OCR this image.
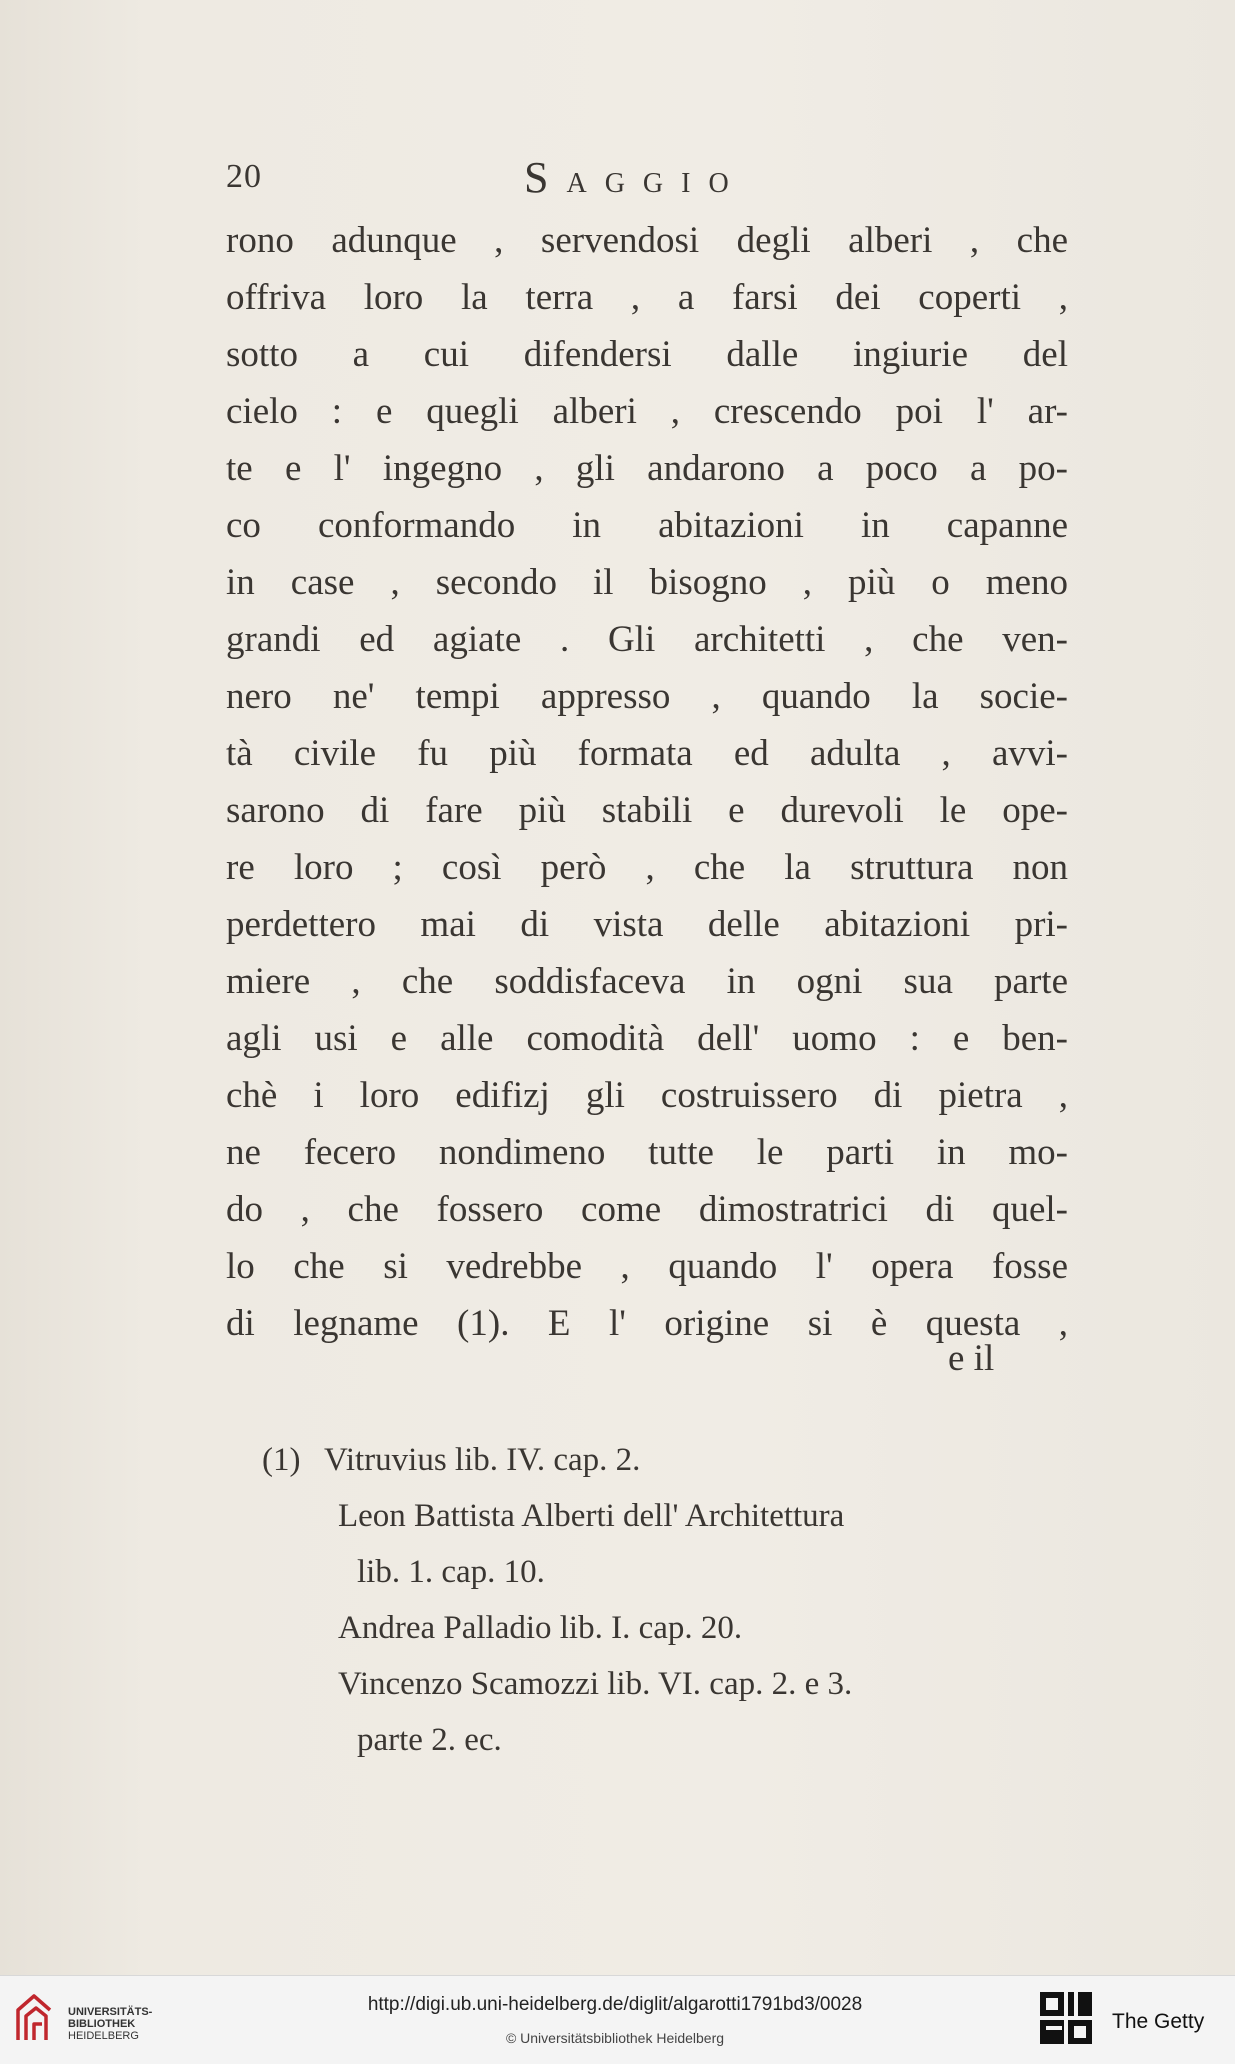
20	SAGGIO
rono adunque , servendosi degli alberi , che
offriva loro la terra , a farsi dei coperti ,
sotto a cui difendersi dalle ingiurie del
cielo : e quegli alberi , crescendo poi l' ar-
te e l' ingegno , gli andarono a poco a po-
co conformando in abitazioni in capanne
in case , secondo il bisogno , più o meno
grandi ed agiate . Gli architetti , che ven-
nero ne' tempi appresso , quando la socie-
tà civile fu più formata ed adulta , avvi-
sarono di fare più stabili e durevoli le ope-
re loro ; così però , che la struttura non
perdettero mai di vista delle abitazioni pri-
miere , che soddisfaceva in ogni sua parte
agli usi e alle comodità dell' uomo : e ben-
chè i loro edifizj gli costruissero di pietra ,
ne fecero nondimeno tutte le parti in mo-
do , che fossero come dimostratrici di quel-
lo che si vedrebbe , quando l' opera fosse
di legname (1). E l' origine si è questa ,
e il
(1) Vitruvius lib. IV. cap. 2.
Leon Battista Alberti dell' Architettura
lib. 1. cap. 10.
Andrea Palladio lib. I. cap. 20.
Vincenzo Scamozzi lib. VI. cap. 2. e 3.
parte 2. ec.
UNIVERSITÄTS-
BIBLIOTHEK
HEIDELBERG
http://digi.ub.uni-heidelberg.de/diglit/algarotti1791bd3/0028
© Universitätsbibliothek Heidelberg
The Getty
